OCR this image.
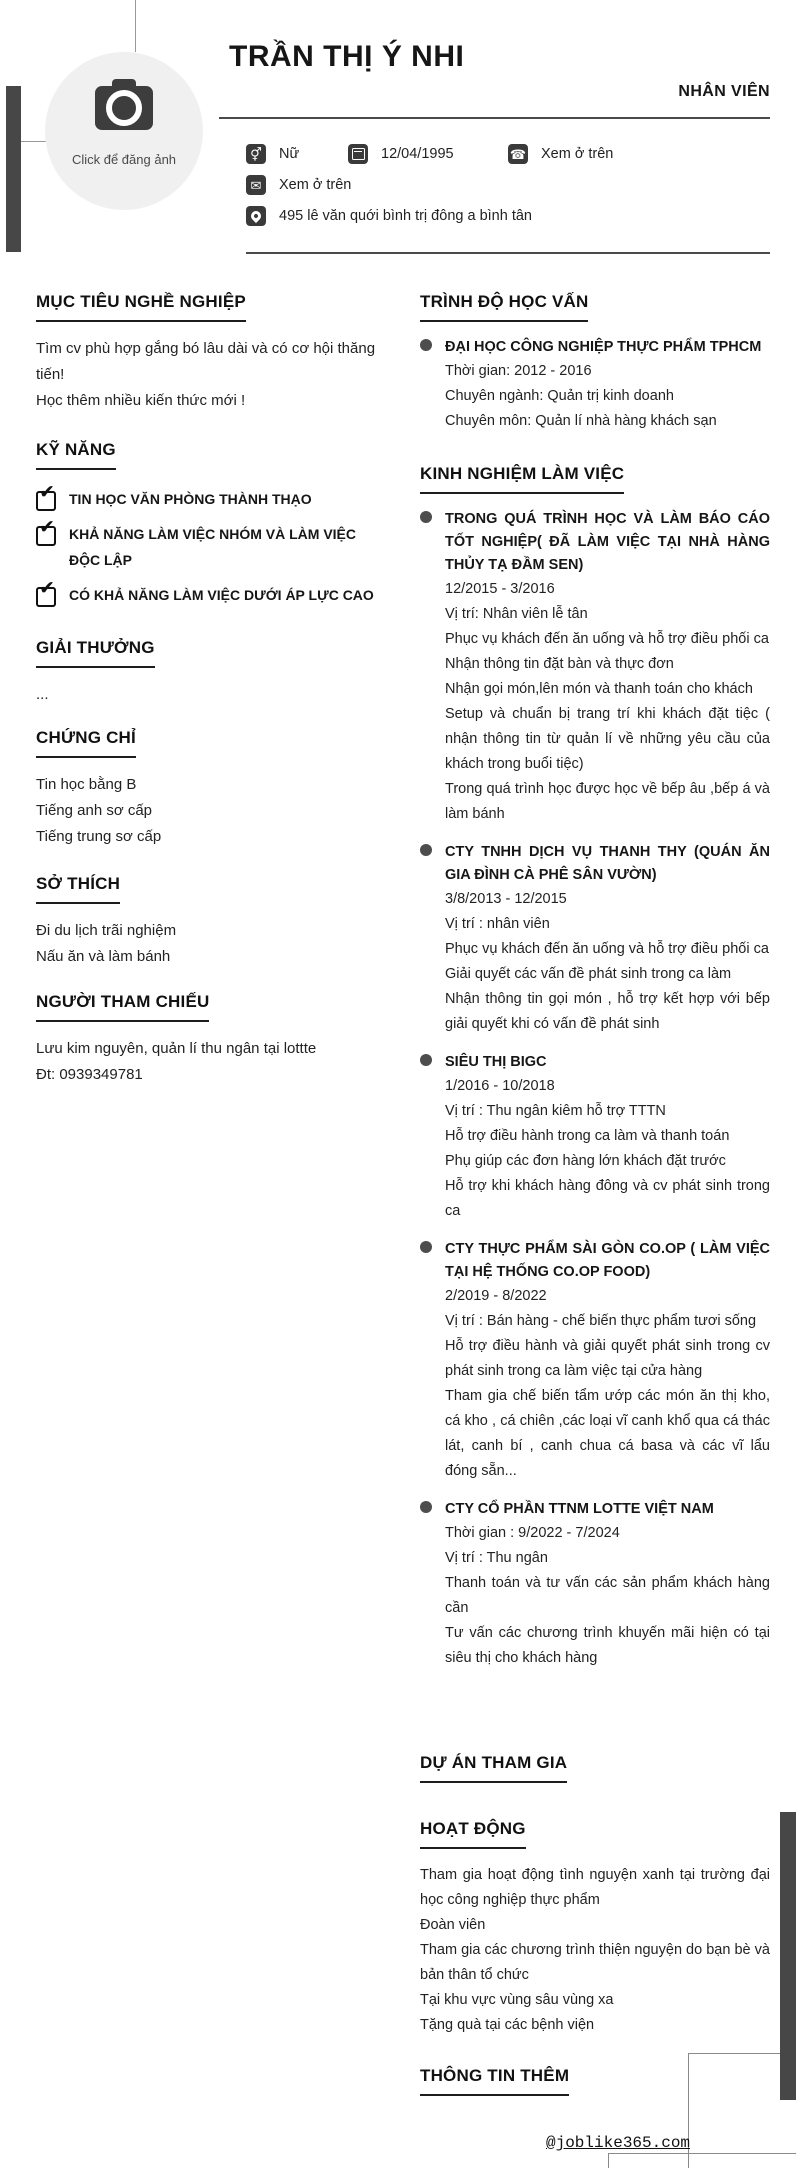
Click để đăng ảnh
TRẦN THỊ Ý NHI
NHÂN VIÊN
⚥ Nữ	12/04/1995	☎ Xem ở trên
✉	Xem ở trên
495 lê văn quới bình trị đông a bình tân
MỤC TIÊU NGHỀ NGHIỆP
Tìm cv phù hợp gắng bó lâu dài và có cơ hội thăng tiến!
Học thêm nhiều kiến thức mới !
KỸ NĂNG
✔ TIN HỌC VĂN PHÒNG THÀNH THẠO
✔ KHẢ NĂNG LÀM VIỆC NHÓM VÀ LÀM VIỆC ĐỘC LẬP
✔ CÓ KHẢ NĂNG LÀM VIỆC DƯỚI ÁP LỰC CAO
GIẢI THƯỞNG
...
CHỨNG CHỈ
Tin học bằng B
Tiếng anh sơ cấp
Tiếng trung sơ cấp
SỞ THÍCH
Đi du lịch trãi nghiệm
Nấu ăn và làm bánh
NGƯỜI THAM CHIẾU
Lưu kim nguyên, quản lí thu ngân tại lottte
Đt: 0939349781
TRÌNH ĐỘ HỌC VẤN
ĐẠI HỌC CÔNG NGHIỆP THỰC PHẨM TPHCM
Thời gian: 2012 - 2016
Chuyên ngành: Quản trị kinh doanh
Chuyên môn: Quản lí nhà hàng khách sạn
KINH NGHIỆM LÀM VIỆC
TRONG QUÁ TRÌNH HỌC VÀ LÀM BÁO CÁO TỐT NGHIỆP( ĐÃ LÀM VIỆC TẠI NHÀ HÀNG THỦY TẠ ĐẦM SEN)
12/2015 - 3/2016
Vị trí: Nhân viên lễ tân
Phục vụ khách đến ăn uống và hỗ trợ điều phối ca
Nhận thông tin đặt bàn và thực đơn
Nhận gọi món,lên món và thanh toán cho khách
Setup và chuẩn bị trang trí khi khách đặt tiệc ( nhận thông tin từ quản lí về những yêu cầu của khách trong buổi tiệc)
Trong quá trình học được học về bếp âu ,bếp á và làm bánh
CTY TNHH DỊCH VỤ THANH THY (QUÁN ĂN GIA ĐÌNH CÀ PHÊ SÂN VƯỜN)
3/8/2013 - 12/2015
Vị trí : nhân viên
Phục vụ khách đến ăn uống và hỗ trợ điều phối ca
Giải quyết các vấn đề phát sinh trong ca làm
Nhận thông tin gọi món , hỗ trợ kết hợp với bếp giải quyết khi có vấn đề phát sinh
SIÊU THỊ BIGC
1/2016 - 10/2018
Vị trí : Thu ngân kiêm hỗ trợ TTTN
Hỗ trợ điều hành trong ca làm và thanh toán
Phụ giúp các đơn hàng lớn khách đặt trước
Hỗ trợ khi khách hàng đông và cv phát sinh trong ca
CTY THỰC PHẨM SÀI GÒN CO.OP ( LÀM VIỆC TẠI HỆ THỐNG CO.OP FOOD)
2/2019 - 8/2022
Vị trí : Bán hàng - chế biến thực phẩm tươi sống
Hỗ trợ điều hành và giải quyết phát sinh trong cv phát sinh trong ca làm việc tại cửa hàng
Tham gia chế biến tẩm ướp các món ăn thị kho, cá kho , cá chiên ,các loại vĩ canh khổ qua cá thác lát, canh bí , canh chua cá basa và các vĩ lẩu đóng sẵn...
CTY CỔ PHẦN TTNM LOTTE VIỆT NAM
Thời gian : 9/2022 - 7/2024
Vị trí : Thu ngân
Thanh toán và tư vấn các sản phẩm khách hàng cần
Tư vấn các chương trình khuyến mãi hiện có tại siêu thị cho khách hàng
DỰ ÁN THAM GIA
HOẠT ĐỘNG
Tham gia hoạt động tình nguyện xanh tại trường đại học công nghiệp thực phẩm
Đoàn viên
Tham gia các chương trình thiện nguyện do bạn bè và bản thân tổ chức
Tại khu vực vùng sâu vùng xa
Tặng quà tại các bệnh viện
THÔNG TIN THÊM
@joblike365.com
